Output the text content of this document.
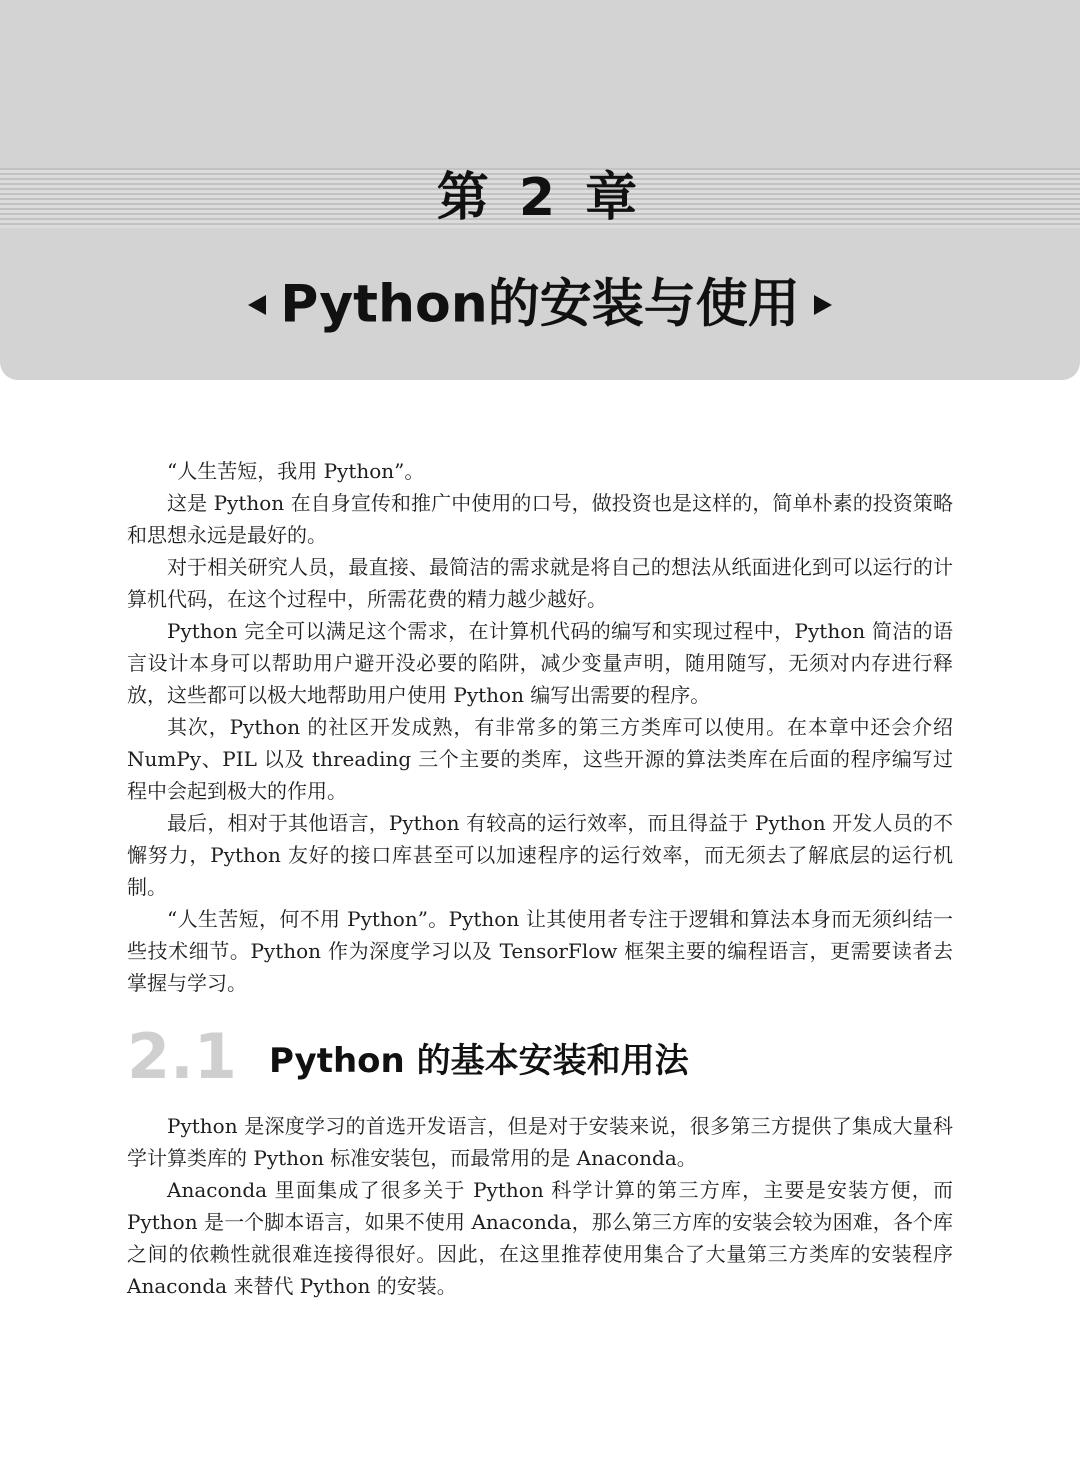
第 2 章
Python的安装与使用

“人生苦短，我用 Python”。

这是 Python 在自身宣传和推广中使用的口号，做投资也是这样的，简单朴素的投资策略和思想永远是最好的。

对于相关研究人员，最直接、最简洁的需求就是将自己的想法从纸面进化到可以运行的计算机代码，在这个过程中，所需花费的精力越少越好。

Python 完全可以满足这个需求，在计算机代码的编写和实现过程中，Python 简洁的语言设计本身可以帮助用户避开没必要的陷阱，减少变量声明，随用随写，无须对内存进行释放，这些都可以极大地帮助用户使用 Python 编写出需要的程序。

其次，Python 的社区开发成熟，有非常多的第三方类库可以使用。在本章中还会介绍 NumPy、PIL 以及 threading 三个主要的类库，这些开源的算法类库在后面的程序编写过程中会起到极大的作用。

最后，相对于其他语言，Python 有较高的运行效率，而且得益于 Python 开发人员的不懈努力，Python 友好的接口库甚至可以加速程序的运行效率，而无须去了解底层的运行机制。

“人生苦短，何不用 Python”。Python 让其使用者专注于逻辑和算法本身而无须纠结一些技术细节。Python 作为深度学习以及 TensorFlow 框架主要的编程语言，更需要读者去掌握与学习。

2.1 Python 的基本安装和用法

Python 是深度学习的首选开发语言，但是对于安装来说，很多第三方提供了集成大量科学计算类库的 Python 标准安装包，而最常用的是 Anaconda。

Anaconda 里面集成了很多关于 Python 科学计算的第三方库，主要是安装方便，而 Python 是一个脚本语言，如果不使用 Anaconda，那么第三方库的安装会较为困难，各个库之间的依赖性就很难连接得很好。因此，在这里推荐使用集合了大量第三方类库的安装程序 Anaconda 来替代 Python 的安装。
